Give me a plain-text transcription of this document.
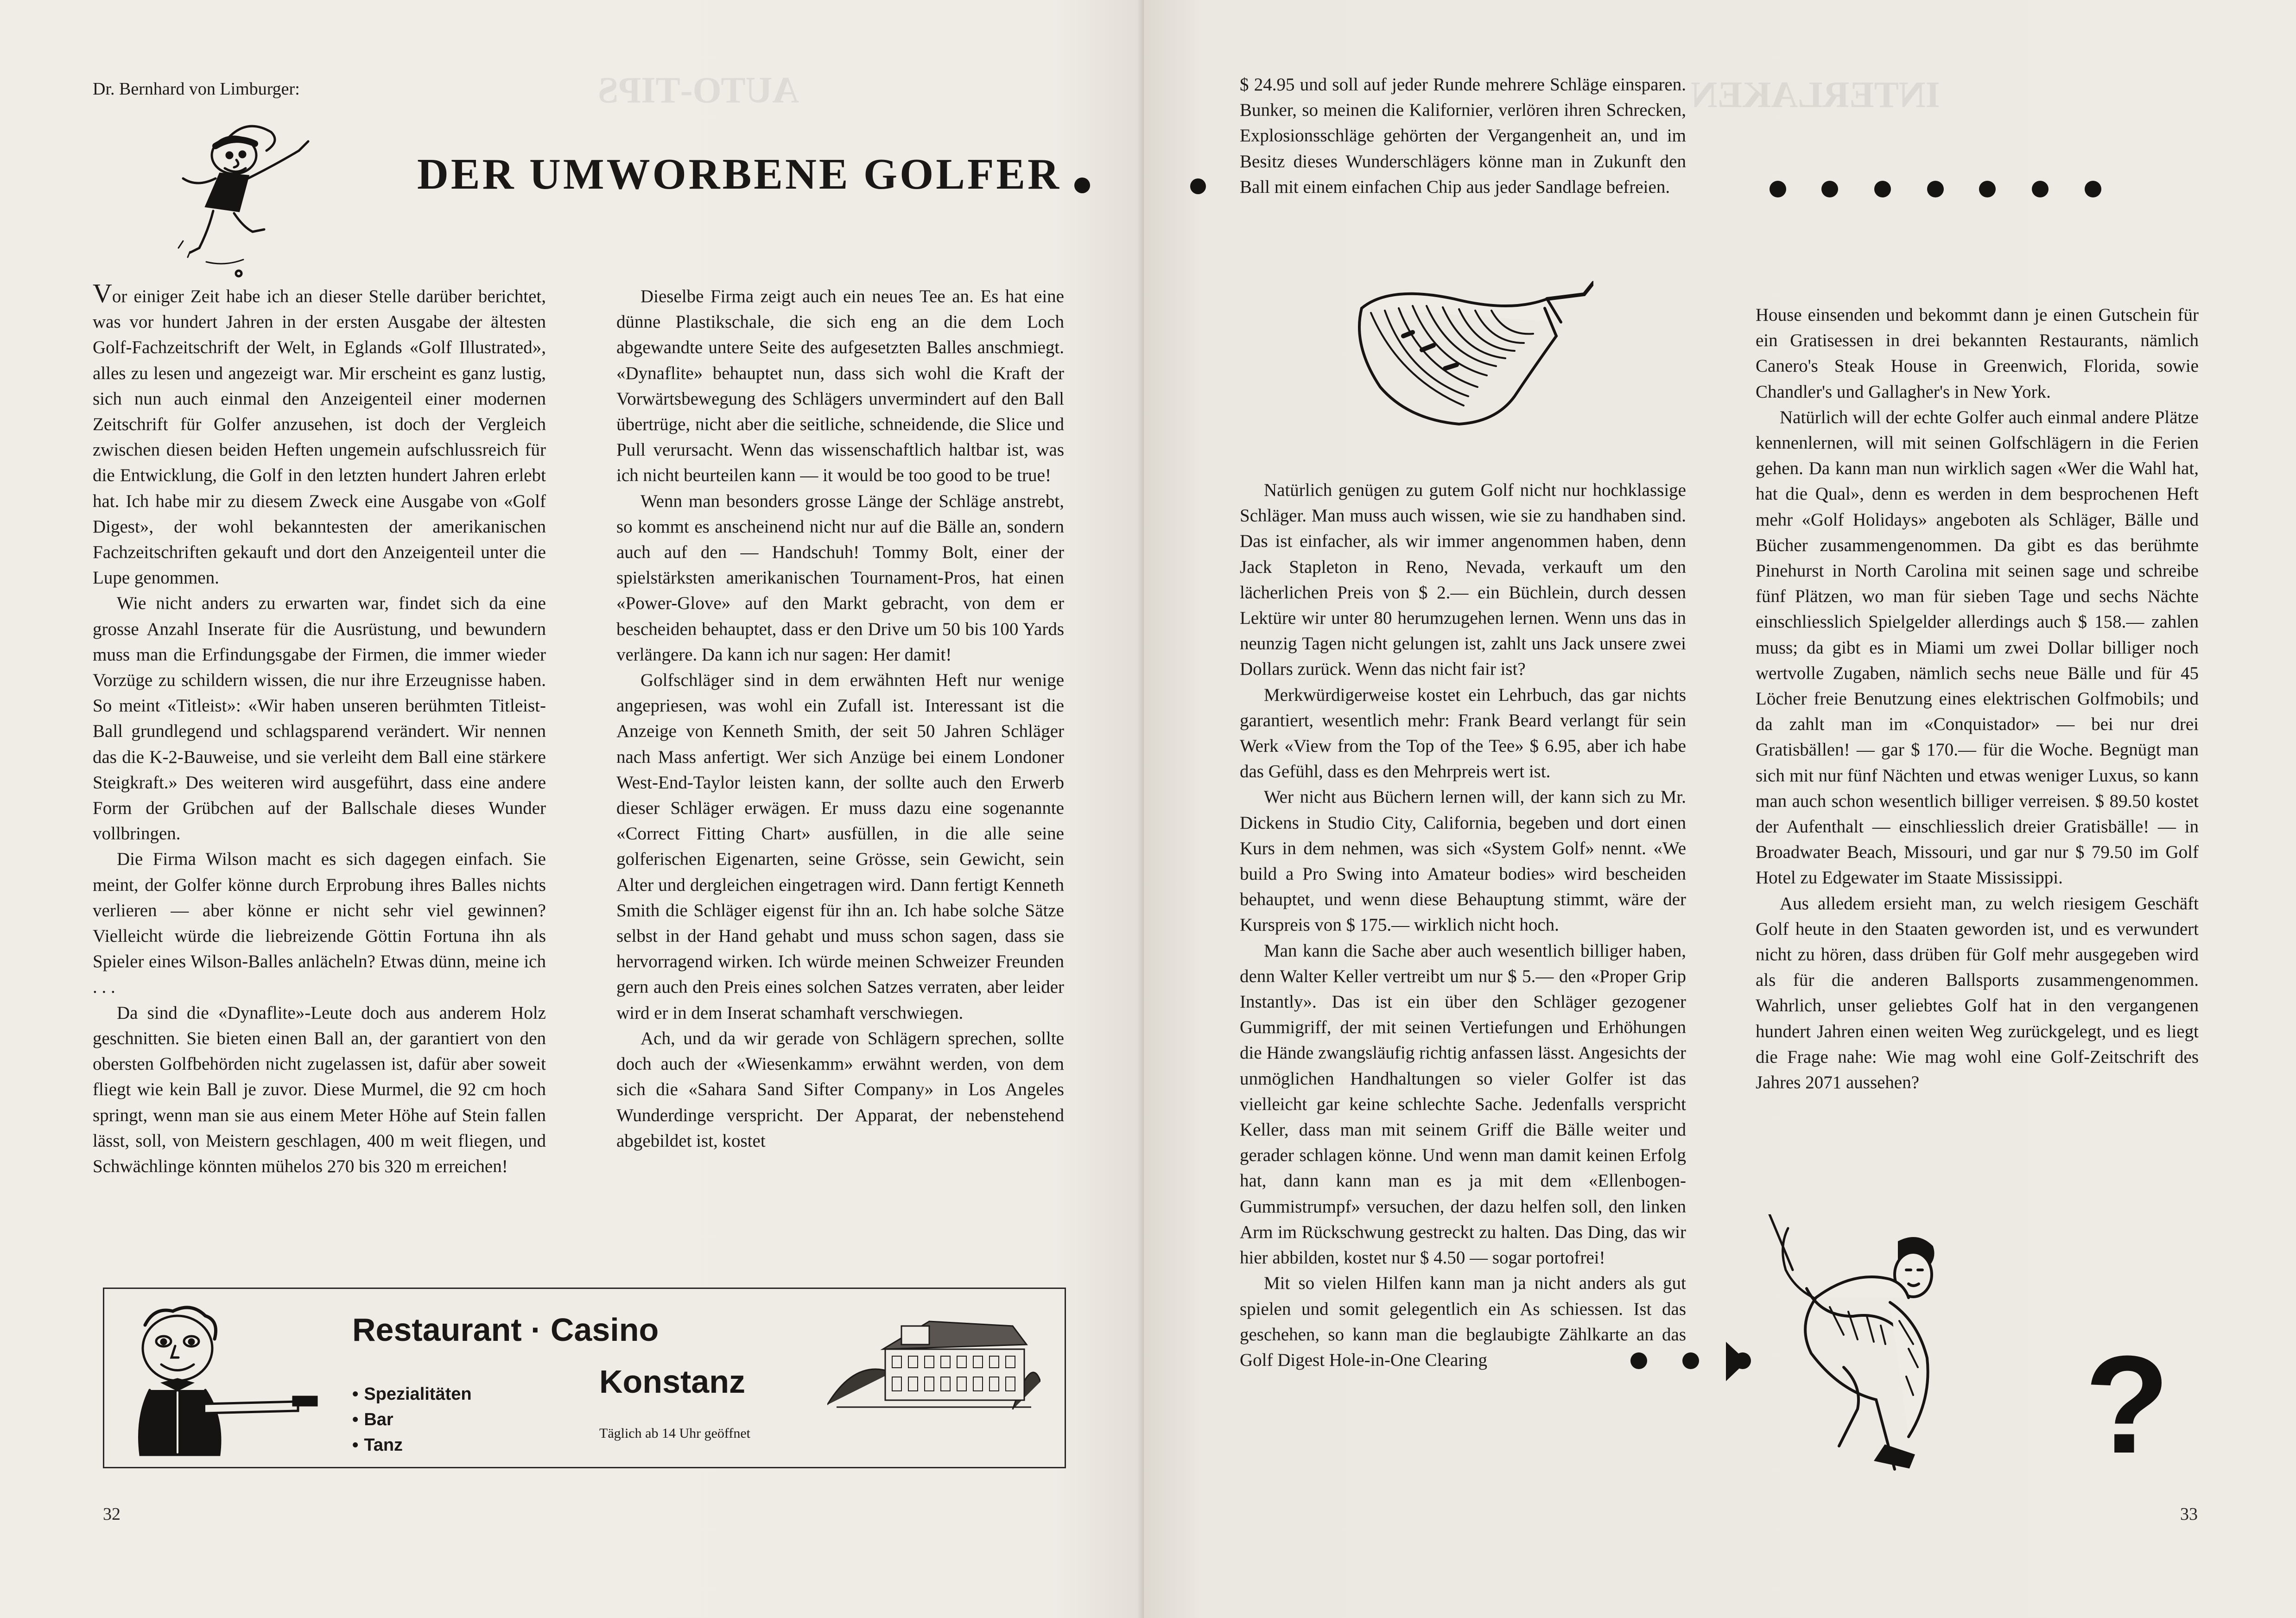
AUTO-TIPS
Dr. Bernhard von Limburger:
DER UMWORBENE GOLFER

Vor einiger Zeit habe ich an dieser Stelle darüber berichtet, was vor hundert Jahren in der ersten Ausgabe der ältesten Golf-Fachzeitschrift der Welt, in Eglands «Golf Illustrated», alles zu lesen und angezeigt war. Mir erscheint es ganz lustig, sich nun auch einmal den Anzeigenteil einer modernen Zeitschrift für Golfer anzusehen, ist doch der Vergleich zwischen diesen beiden Heften ungemein aufschlussreich für die Entwicklung, die Golf in den letzten hundert Jahren erlebt hat. Ich habe mir zu diesem Zweck eine Ausgabe von «Golf Digest», der wohl bekanntesten der amerikanischen Fachzeitschriften gekauft und dort den Anzeigenteil unter die Lupe genommen.

Wie nicht anders zu erwarten war, findet sich da eine grosse Anzahl Inserate für die Ausrüstung, und bewundern muss man die Erfindungsgabe der Firmen, die immer wieder Vorzüge zu schildern wissen, die nur ihre Erzeugnisse haben. So meint «Titleist»: «Wir haben unseren berühmten Titleist-Ball grundlegend und schlagsparend verändert. Wir nennen das die K-2-Bauweise, und sie verleiht dem Ball eine stärkere Steigkraft.» Des weiteren wird ausgeführt, dass eine andere Form der Grübchen auf der Ballschale dieses Wunder vollbringen.

Die Firma Wilson macht es sich dagegen einfach. Sie meint, der Golfer könne durch Erprobung ihres Balles nichts verlieren — aber könne er nicht sehr viel gewinnen? Vielleicht würde die liebreizende Göttin Fortuna ihn als Spieler eines Wilson-Balles anlächeln? Etwas dünn, meine ich . . .

Da sind die «Dynaflite»-Leute doch aus anderem Holz geschnitten. Sie bieten einen Ball an, der garantiert von den obersten Golfbehörden nicht zugelassen ist, dafür aber soweit fliegt wie kein Ball je zuvor. Diese Murmel, die 92 cm hoch springt, wenn man sie aus einem Meter Höhe auf Stein fallen lässt, soll, von Meistern geschlagen, 400 m weit fliegen, und Schwächlinge könnten mühelos 270 bis 320 m erreichen!

Dieselbe Firma zeigt auch ein neues Tee an. Es hat eine dünne Plastikschale, die sich eng an die dem Loch abgewandte untere Seite des aufgesetzten Balles anschmiegt. «Dynaflite» behauptet nun, dass sich wohl die Kraft der Vorwärtsbewegung des Schlägers unvermindert auf den Ball übertrüge, nicht aber die seitliche, schneidende, die Slice und Pull verursacht. Wenn das wissenschaftlich haltbar ist, was ich nicht beurteilen kann — it would be too good to be true!

Wenn man besonders grosse Länge der Schläge anstrebt, so kommt es anscheinend nicht nur auf die Bälle an, sondern auch auf den — Handschuh! Tommy Bolt, einer der spielstärksten amerikanischen Tournament-Pros, hat einen «Power-Glove» auf den Markt gebracht, von dem er bescheiden behauptet, dass er den Drive um 50 bis 100 Yards verlängere. Da kann ich nur sagen: Her damit!

Golfschläger sind in dem erwähnten Heft nur wenige angepriesen, was wohl ein Zufall ist. Interessant ist die Anzeige von Kenneth Smith, der seit 50 Jahren Schläger nach Mass anfertigt. Wer sich Anzüge bei einem Londoner West-End-Taylor leisten kann, der sollte auch den Erwerb dieser Schläger erwägen. Er muss dazu eine sogenannte «Correct Fitting Chart» ausfüllen, in die alle seine golferischen Eigenarten, seine Grösse, sein Gewicht, sein Alter und dergleichen eingetragen wird. Dann fertigt Kenneth Smith die Schläger eigenst für ihn an. Ich habe solche Sätze selbst in der Hand gehabt und muss schon sagen, dass sie hervorragend wirken. Ich würde meinen Schweizer Freunden gern auch den Preis eines solchen Satzes verraten, aber leider wird er in dem Inserat schamhaft verschwiegen.

Ach, und da wir gerade von Schlägern sprechen, sollte doch auch der «Wiesenkamm» erwähnt werden, von dem sich die «Sahara Sand Sifter Company» in Los Angeles Wunderdinge verspricht. Der Apparat, der nebenstehend abgebildet ist, kostet

Restaurant · Casino
Konstanz
• Spezialitäten
• Bar
• Tanz
Täglich ab 14 Uhr geöffnet
32
INTERLAKEN

$ 24.95 und soll auf jeder Runde mehrere Schläge einsparen. Bunker, so meinen die Kalifornier, verlören ihren Schrecken, Explosionsschläge gehörten der Vergangenheit an, und im Besitz dieses Wunderschlägers könne man in Zukunft den Ball mit einem einfachen Chip aus jeder Sandlage befreien.

Natürlich genügen zu gutem Golf nicht nur hochklassige Schläger. Man muss auch wissen, wie sie zu handhaben sind. Das ist einfacher, als wir immer angenommen haben, denn Jack Stapleton in Reno, Nevada, verkauft um den lächerlichen Preis von $ 2.— ein Büchlein, durch dessen Lektüre wir unter 80 herumzugehen lernen. Wenn uns das in neunzig Tagen nicht gelungen ist, zahlt uns Jack unsere zwei Dollars zurück. Wenn das nicht fair ist?

Merkwürdigerweise kostet ein Lehrbuch, das gar nichts garantiert, wesentlich mehr: Frank Beard verlangt für sein Werk «View from the Top of the Tee» $ 6.95, aber ich habe das Gefühl, dass es den Mehrpreis wert ist.

Wer nicht aus Büchern lernen will, der kann sich zu Mr. Dickens in Studio City, California, begeben und dort einen Kurs in dem nehmen, was sich «System Golf» nennt. «We build a Pro Swing into Amateur bodies» wird bescheiden behauptet, und wenn diese Behauptung stimmt, wäre der Kurspreis von $ 175.— wirklich nicht hoch.

Man kann die Sache aber auch wesentlich billiger haben, denn Walter Keller vertreibt um nur $ 5.— den «Proper Grip Instantly». Das ist ein über den Schläger gezogener Gummigriff, der mit seinen Vertiefungen und Erhöhungen die Hände zwangsläufig richtig anfassen lässt. Angesichts der unmöglichen Handhaltungen so vieler Golfer ist das vielleicht gar keine schlechte Sache. Jedenfalls verspricht Keller, dass man mit seinem Griff die Bälle weiter und gerader schlagen könne. Und wenn man damit keinen Erfolg hat, dann kann man es ja mit dem «Ellenbogen-Gummistrumpf» versuchen, der dazu helfen soll, den linken Arm im Rückschwung gestreckt zu halten. Das Ding, das wir hier abbilden, kostet nur $ 4.50 — sogar portofrei!

Mit so vielen Hilfen kann man ja nicht anders als gut spielen und somit gelegentlich ein As schiessen. Ist das geschehen, so kann man die beglaubigte Zählkarte an das Golf Digest Hole-in-One Clearing

House einsenden und bekommt dann je einen Gutschein für ein Gratisessen in drei bekannten Restaurants, nämlich Canero's Steak House in Greenwich, Florida, sowie Chandler's und Gallagher's in New York.

Natürlich will der echte Golfer auch einmal andere Plätze kennenlernen, will mit seinen Golfschlägern in die Ferien gehen. Da kann man nun wirklich sagen «Wer die Wahl hat, hat die Qual», denn es werden in dem besprochenen Heft mehr «Golf Holidays» angeboten als Schläger, Bälle und Bücher zusammengenommen. Da gibt es das berühmte Pinehurst in North Carolina mit seinen sage und schreibe fünf Plätzen, wo man für sieben Tage und sechs Nächte einschliesslich Spielgelder allerdings auch $ 158.— zahlen muss; da gibt es in Miami um zwei Dollar billiger noch wertvolle Zugaben, nämlich sechs neue Bälle und für 45 Löcher freie Benutzung eines elektrischen Golfmobils; und da zahlt man im «Conquistador» — bei nur drei Gratisbällen! — gar $ 170.— für die Woche. Begnügt man sich mit nur fünf Nächten und etwas weniger Luxus, so kann man auch schon wesentlich billiger verreisen. $ 89.50 kostet der Aufenthalt — einschliesslich dreier Gratisbälle! — in Broadwater Beach, Missouri, und gar nur $ 79.50 im Golf Hotel zu Edgewater im Staate Mississippi.

Aus alledem ersieht man, zu welch riesigem Geschäft Golf heute in den Staaten geworden ist, und es verwundert nicht zu hören, dass drüben für Golf mehr ausgegeben wird als für die anderen Ballsports zusammengenommen. Wahrlich, unser geliebtes Golf hat in den vergangenen hundert Jahren einen weiten Weg zurückgelegt, und es liegt die Frage nahe: Wie mag wohl eine Golf-Zeitschrift des Jahres 2071 aussehen?

?
33
